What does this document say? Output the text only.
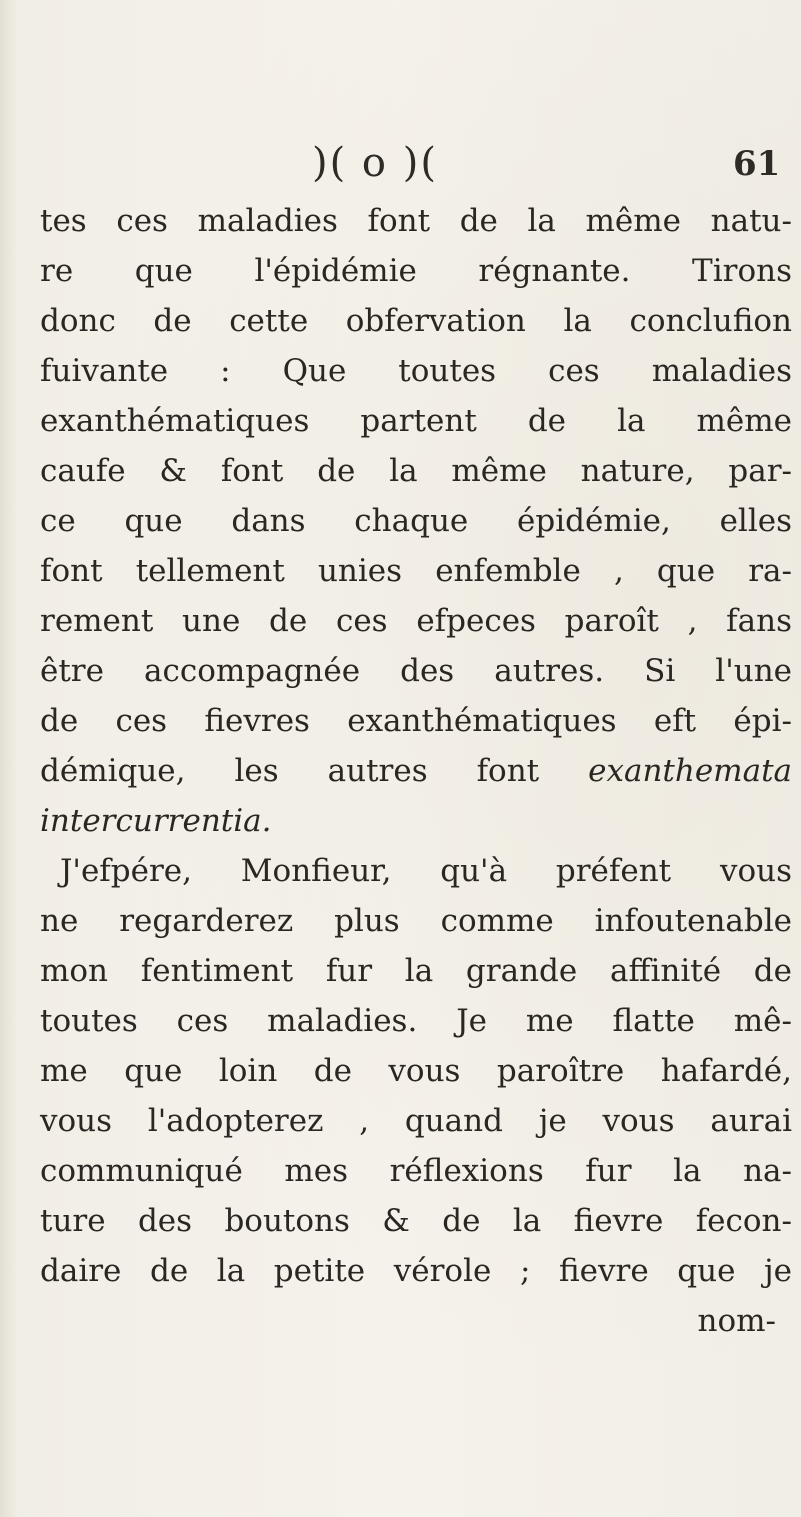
)( o )(	61
tes ces maladies font de la même natu-
re que l'épidémie régnante. Tirons
donc de cette obfervation la conclufion
fuivante : Que toutes ces maladies
exanthématiques partent de la même
caufe & font de la même nature, par-
ce que dans chaque épidémie, elles
font tellement unies enfemble , que ra-
rement une de ces efpeces paroît , fans
être accompagnée des autres. Si l'une
de ces fievres exanthématiques eft épi-
démique, les autres font exanthemata
intercurrentia.
J'efpére, Monfieur, qu'à préfent vous
ne regarderez plus comme infoutenable
mon fentiment fur la grande affinité de
toutes ces maladies. Je me flatte mê-
me que loin de vous paroître hafardé,
vous l'adopterez , quand je vous aurai
communiqué mes réflexions fur la na-
ture des boutons & de la fievre fecon-
daire de la petite vérole ; fievre que je
nom-
